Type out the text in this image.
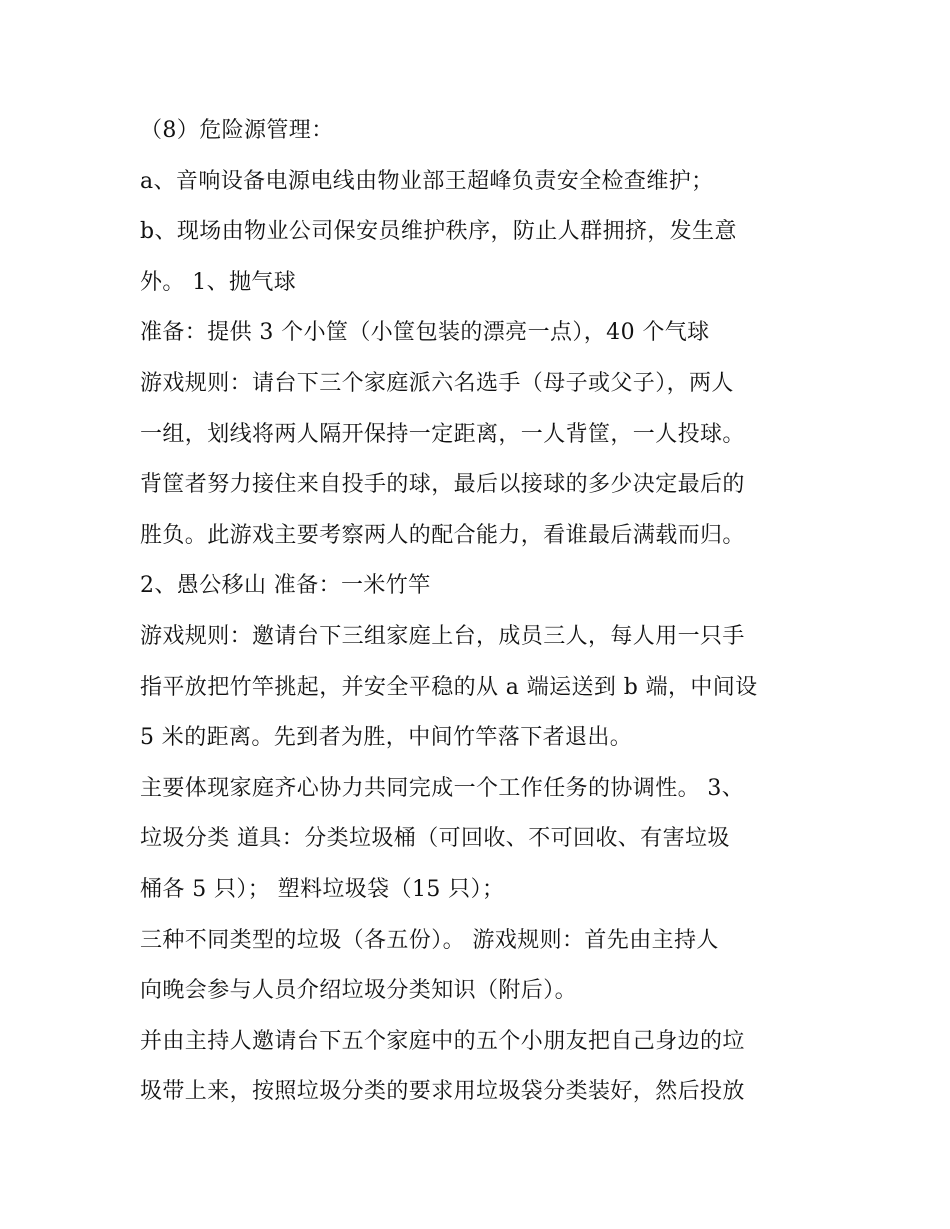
（8）危险源管理：
a、音响设备电源电线由物业部王超峰负责安全检查维护；
b、现场由物业公司保安员维护秩序，防止人群拥挤，发生意
外。 1、抛气球
准备：提供 3 个小筐（小筐包装的漂亮一点），40 个气球
游戏规则：请台下三个家庭派六名选手（母子或父子），两人
一组，划线将两人隔开保持一定距离，一人背筐，一人投球。
背筐者努力接住来自投手的球，最后以接球的多少决定最后的
胜负。此游戏主要考察两人的配合能力，看谁最后满载而归。
2、愚公移山 准备：一米竹竿
游戏规则：邀请台下三组家庭上台，成员三人，每人用一只手
指平放把竹竿挑起，并安全平稳的从 a 端运送到 b 端，中间设
5 米的距离。先到者为胜，中间竹竿落下者退出。
主要体现家庭齐心协力共同完成一个工作任务的协调性。 3、
垃圾分类 道具：分类垃圾桶（可回收、不可回收、有害垃圾
桶各 5 只）； 塑料垃圾袋（15 只）；
三种不同类型的垃圾（各五份）。 游戏规则：首先由主持人
向晚会参与人员介绍垃圾分类知识（附后）。
并由主持人邀请台下五个家庭中的五个小朋友把自己身边的垃
圾带上来，按照垃圾分类的要求用垃圾袋分类装好，然后投放
